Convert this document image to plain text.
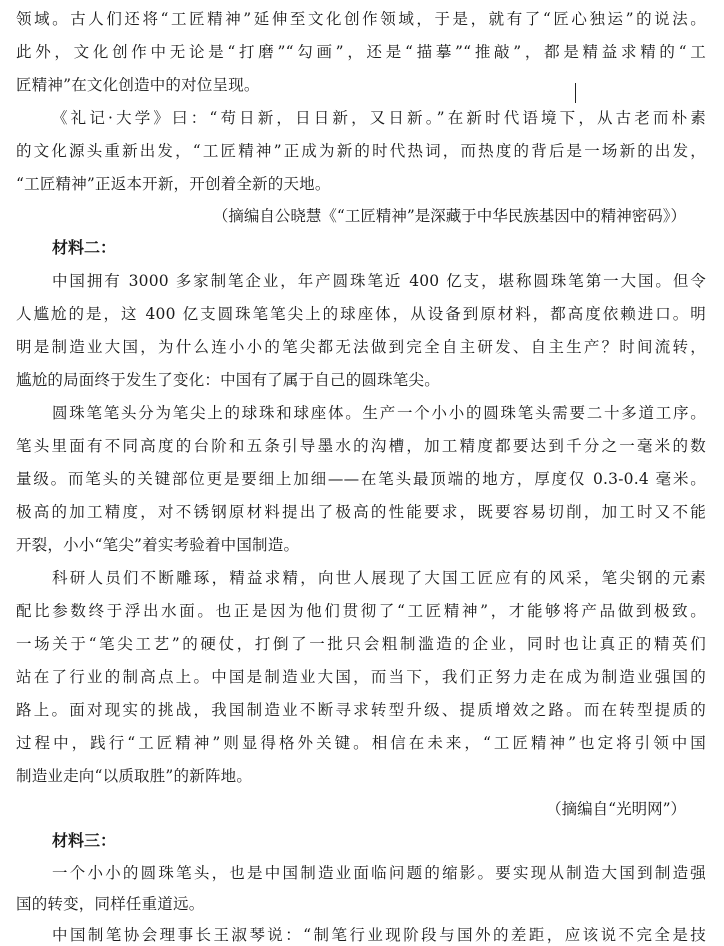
领域。古人们还将“工匠精神”延伸至文化创作领域，于是，就有了“匠心独运”的说法。
此外，文化创作中无论是“打磨”“勾画”，还是“描摹”“推敲”，都是精益求精的“工
匠精神”在文化创造中的对位呈现。
《礼记·大学》曰：“苟日新，日日新，又日新。”在新时代语境下，从古老而朴素
的文化源头重新出发，“工匠精神”正成为新的时代热词，而热度的背后是一场新的出发，
“工匠精神”正返本开新，开创着全新的天地。
（摘编自公晓慧《“工匠精神”是深藏于中华民族基因中的精神密码》）
材料二：
中国拥有 3000 多家制笔企业，年产圆珠笔近 400 亿支，堪称圆珠笔第一大国。但令
人尴尬的是，这 400 亿支圆珠笔笔尖上的球座体，从设备到原材料，都高度依赖进口。明
明是制造业大国，为什么连小小的笔尖都无法做到完全自主研发、自主生产？时间流转，
尴尬的局面终于发生了变化：中国有了属于自己的圆珠笔尖。
圆珠笔笔头分为笔尖上的球珠和球座体。生产一个小小的圆珠笔头需要二十多道工序。
笔头里面有不同高度的台阶和五条引导墨水的沟槽，加工精度都要达到千分之一毫米的数
量级。而笔头的关键部位更是要细上加细——在笔头最顶端的地方，厚度仅 0.3-0.4 毫米。
极高的加工精度，对不锈钢原材料提出了极高的性能要求，既要容易切削，加工时又不能
开裂，小小“笔尖”着实考验着中国制造。
科研人员们不断雕琢，精益求精，向世人展现了大国工匠应有的风采，笔尖钢的元素
配比参数终于浮出水面。也正是因为他们贯彻了“工匠精神”，才能够将产品做到极致。
一场关于“笔尖工艺”的硬仗，打倒了一批只会粗制滥造的企业，同时也让真正的精英们
站在了行业的制高点上。中国是制造业大国，而当下，我们正努力走在成为制造业强国的
路上。面对现实的挑战，我国制造业不断寻求转型升级、提质增效之路。而在转型提质的
过程中，践行“工匠精神”则显得格外关键。相信在未来，“工匠精神”也定将引领中国
制造业走向“以质取胜”的新阵地。
（摘编自“光明网”）
材料三：
一个小小的圆珠笔头，也是中国制造业面临问题的缩影。要实现从制造大国到制造强
国的转变，同样任重道远。
中国制笔协会理事长王淑琴说：“制笔行业现阶段与国外的差距，应该说不完全是技
